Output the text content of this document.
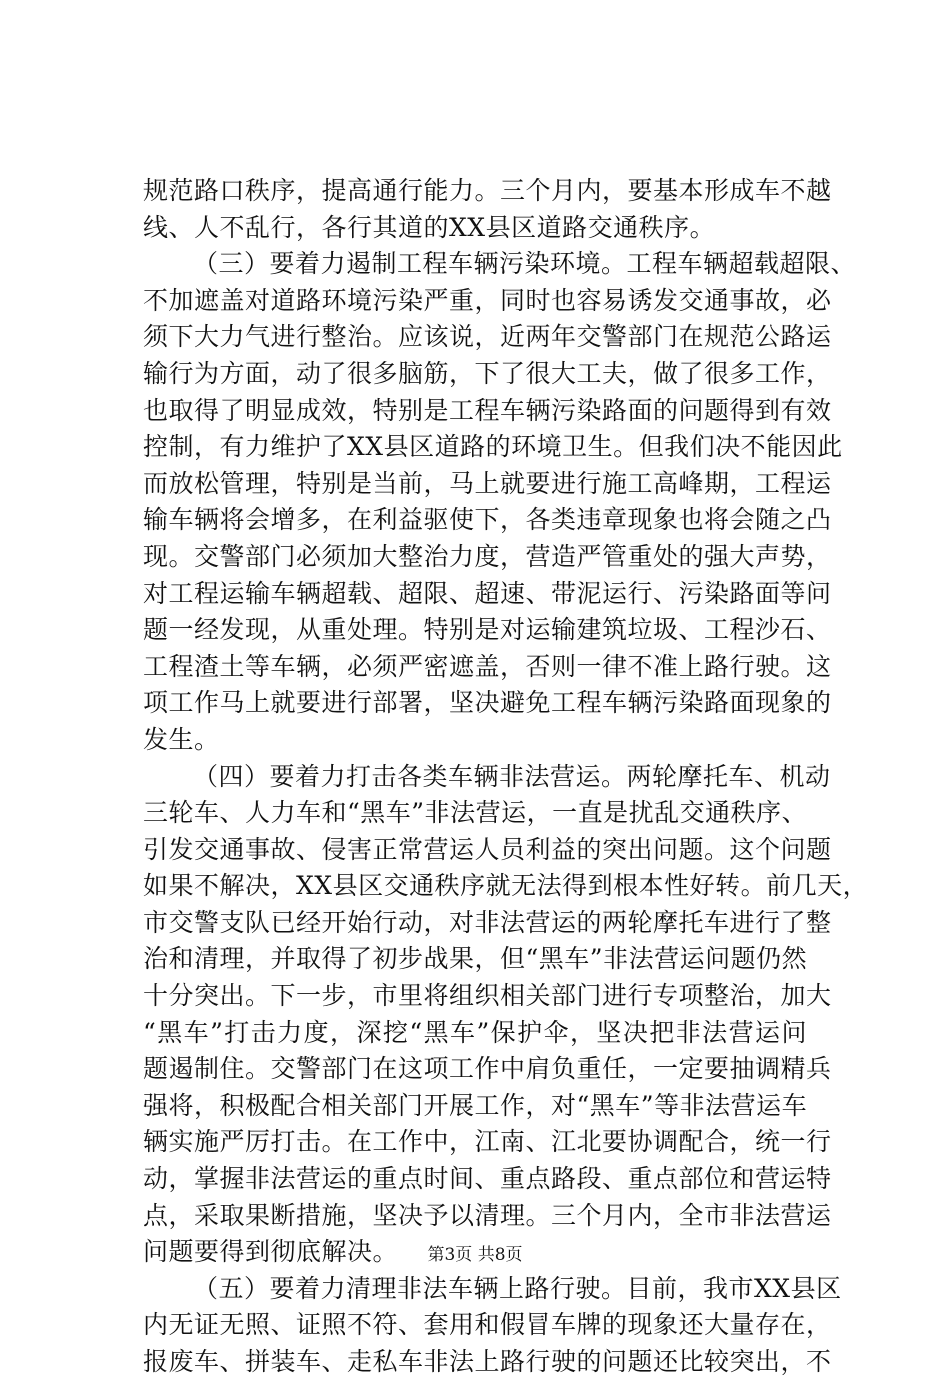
规范路口秩序，提高通行能力。三个月内，要基本形成车不越
线、人不乱行，各行其道的XX县区道路交通秩序。
（三）要着力遏制工程车辆污染环境。工程车辆超载超限、
不加遮盖对道路环境污染严重，同时也容易诱发交通事故，必
须下大力气进行整治。应该说，近两年交警部门在规范公路运
输行为方面，动了很多脑筋，下了很大工夫，做了很多工作，
也取得了明显成效，特别是工程车辆污染路面的问题得到有效
控制，有力维护了XX县区道路的环境卫生。但我们决不能因此
而放松管理，特别是当前，马上就要进行施工高峰期，工程运
输车辆将会增多，在利益驱使下，各类违章现象也将会随之凸
现。交警部门必须加大整治力度，营造严管重处的强大声势，
对工程运输车辆超载、超限、超速、带泥运行、污染路面等问
题一经发现，从重处理。特别是对运输建筑垃圾、工程沙石、
工程渣土等车辆，必须严密遮盖，否则一律不准上路行驶。这
项工作马上就要进行部署，坚决避免工程车辆污染路面现象的
发生。
（四）要着力打击各类车辆非法营运。两轮摩托车、机动
三轮车、人力车和“黑车”非法营运，一直是扰乱交通秩序、
引发交通事故、侵害正常营运人员利益的突出问题。这个问题
如果不解决，XX县区交通秩序就无法得到根本性好转。前几天，
市交警支队已经开始行动，对非法营运的两轮摩托车进行了整
治和清理，并取得了初步战果，但“黑车”非法营运问题仍然
十分突出。下一步，市里将组织相关部门进行专项整治，加大
“黑车”打击力度，深挖“黑车”保护伞，坚决把非法营运问
题遏制住。交警部门在这项工作中肩负重任，一定要抽调精兵
强将，积极配合相关部门开展工作，对“黑车”等非法营运车
辆实施严厉打击。在工作中，江南、江北要协调配合，统一行
动，掌握非法营运的重点时间、重点路段、重点部位和营运特
点，采取果断措施，坚决予以清理。三个月内，全市非法营运
问题要得到彻底解决。
（五）要着力清理非法车辆上路行驶。目前，我市XX县区
内无证无照、证照不符、套用和假冒车牌的现象还大量存在，
报废车、拼装车、走私车非法上路行驶的问题还比较突出，不
第3页 共8页
